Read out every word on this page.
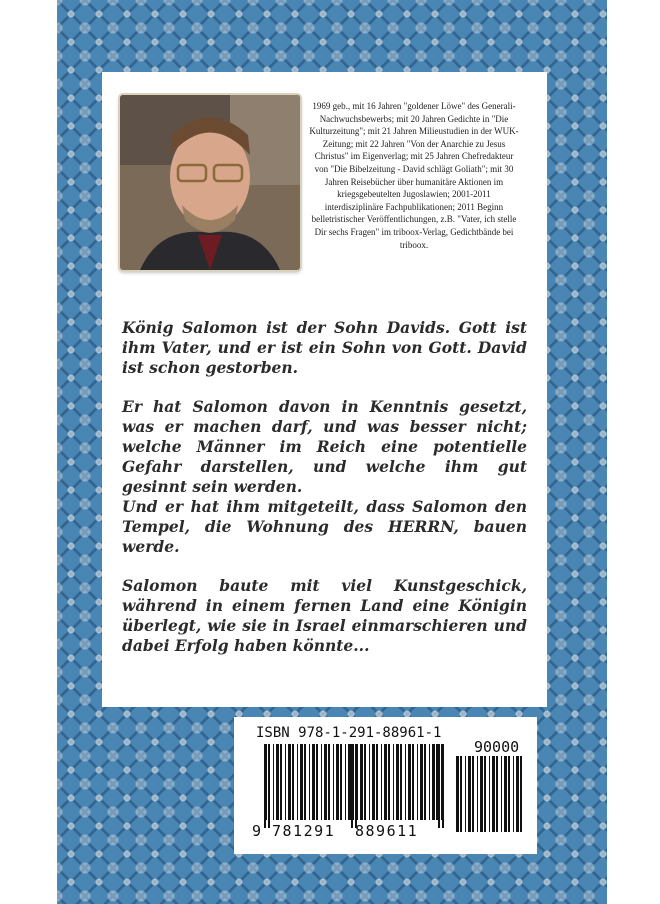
1969 geb., mit 16 Jahren "goldener Löwe" des Generali-Nachwuchsbewerbs; mit 20 Jahren Gedichte in "Die Kulturzeitung"; mit 21 Jahren Milieustudien in der WUK-Zeitung; mit 22 Jahren "Von der Anarchie zu Jesus Christus" im Eigenverlag; mit 25 Jahren Chefredakteur von "Die Bibelzeitung - David schlägt Goliath"; mit 30 Jahren Reisebücher über humanitäre Aktionen im kriegsgebeutelten Jugoslawien; 2001-2011 interdisziplinäre Fachpublikationen; 2011 Beginn belletristischer Veröffentlichungen, z.B. "Vater, ich stelle Dir sechs Fragen" im triboox-Verlag, Gedichtbände bei triboox.

König Salomon ist der Sohn Davids. Gott ist ihm Vater, und er ist ein Sohn von Gott. David ist schon gestorben.

Er hat Salomon davon in Kenntnis gesetzt, was er machen darf, und was besser nicht; welche Männer im Reich eine potentielle Gefahr darstellen, und welche ihm gut gesinnt sein werden.
Und er hat ihm mitgeteilt, dass Salomon den Tempel, die Wohnung des HERRN, bauen werde.

Salomon baute mit viel Kunstgeschick, während in einem fernen Land eine Königin überlegt, wie sie in Israel einmarschieren und dabei Erfolg haben könnte...

ISBN 978-1-291-88961-1
90000
9 781291 889611
